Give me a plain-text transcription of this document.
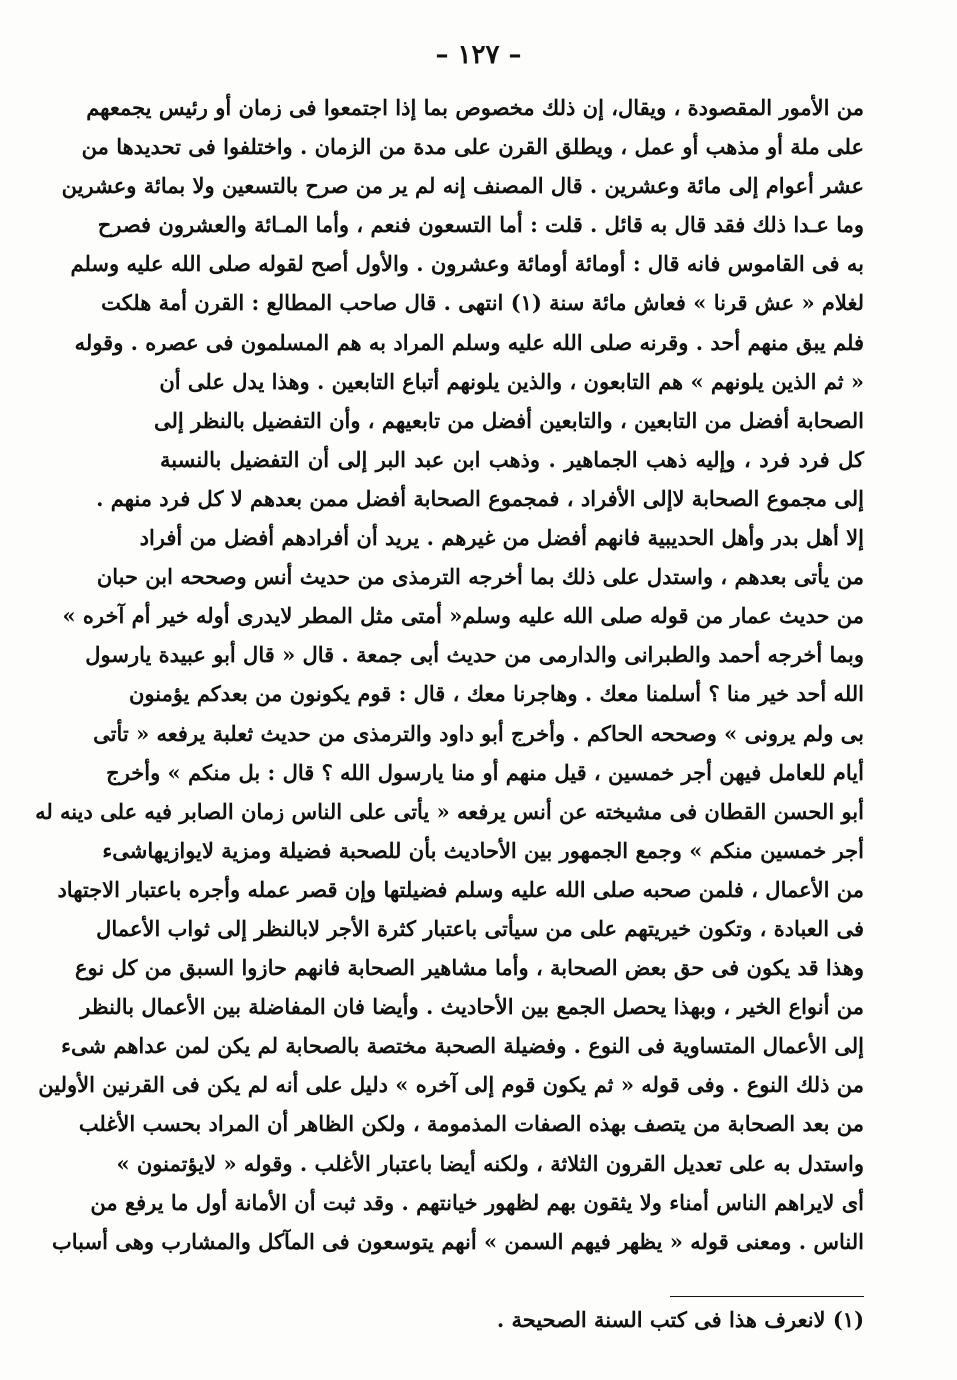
– ١٢٧ –
من الأمور المقصودة ، ويقال، إن ذلك مخصوص بما إذا اجتمعوا فى زمان أو رئيس يجمعهم
على ملة أو مذهب أو عمل ، ويطلق القرن على مدة من الزمان . واختلفوا فى تحديدها من
عشر أعوام إلى مائة وعشرين . قال المصنف إنه لم ير من صرح بالتسعين ولا بمائة وعشرين
وما عـدا ذلك فقد قال به قائل . قلت : أما التسعون فنعم ، وأما المـائة والعشرون فصرح
به فى القاموس فانه قال : أومائة أومائة وعشرون . والأول أصح لقوله صلى الله عليه وسلم
لغلام « عش قرنا » فعاش مائة سنة (١) انتهى . قال صاحب المطالع : القرن أمة هلكت
فلم يبق منهم أحد . وقرنه صلى الله عليه وسلم المراد به هم المسلمون فى عصره . وقوله
« ثم الذين يلونهم » هم التابعون ، والذين يلونهم أتباع التابعين . وهذا يدل على أن
الصحابة أفضل من التابعين ، والتابعين أفضل من تابعيهم ، وأن التفضيل بالنظر إلى
كل فرد فرد ، وإليه ذهب الجماهير . وذهب ابن عبد البر إلى أن التفضيل بالنسبة
إلى مجموع الصحابة لاإلى الأفراد ، فمجموع الصحابة أفضل ممن بعدهم لا كل فرد منهم .
إلا أهل بدر وأهل الحديبية فانهم أفضل من غيرهم . يريد أن أفرادهم أفضل من أفراد
من يأتى بعدهم ، واستدل على ذلك بما أخرجه الترمذى من حديث أنس وصححه ابن حبان
من حديث عمار من قوله صلى الله عليه وسلم« أمتى مثل المطر لايدرى أوله خير أم آخره »
وبما أخرجه أحمد والطبرانى والدارمى من حديث أبى جمعة . قال « قال أبو عبيدة يارسول
الله أحد خير منا ؟ أسلمنا معك . وهاجرنا معك ، قال : قوم يكونون من بعدكم يؤمنون
بى ولم يرونى » وصححه الحاكم . وأخرج أبو داود والترمذى من حديث ثعلبة يرفعه « تأتى
أيام للعامل فيهن أجر خمسين ، قيل منهم أو منا يارسول الله ؟ قال : بل منكم » وأخرج
أبو الحسن القطان فى مشيخته عن أنس يرفعه « يأتى على الناس زمان الصابر فيه على دينه له
أجر خمسين منكم » وجمع الجمهور بين الأحاديث بأن للصحبة فضيلة ومزية لايوازيهاشىء
من الأعمال ، فلمن صحبه صلى الله عليه وسلم فضيلتها وإن قصر عمله وأجره باعتبار الاجتهاد
فى العبادة ، وتكون خيريتهم على من سيأتى باعتبار كثرة الأجر لابالنظر إلى ثواب الأعمال
وهذا قد يكون فى حق بعض الصحابة ، وأما مشاهير الصحابة فانهم حازوا السبق من كل نوع
من أنواع الخير ، وبهذا يحصل الجمع بين الأحاديث . وأيضا فان المفاضلة بين الأعمال بالنظر
إلى الأعمال المتساوية فى النوع . وفضيلة الصحبة مختصة بالصحابة لم يكن لمن عداهم شىء
من ذلك النوع . وفى قوله « ثم يكون قوم إلى آخره » دليل على أنه لم يكن فى القرنين الأولين
من بعد الصحابة من يتصف بهذه الصفات المذمومة ، ولكن الظاهر أن المراد بحسب الأغلب
واستدل به على تعديل القرون الثلاثة ، ولكنه أيضا باعتبار الأغلب . وقوله « لايؤتمنون »
أى لايراهم الناس أمناء ولا يثقون بهم لظهور خيانتهم . وقد ثبت أن الأمانة أول ما يرفع من
الناس . ومعنى قوله « يظهر فيهم السمن » أنهم يتوسعون فى المآكل والمشارب وهى أسباب
(١) لانعرف هذا فى كتب السنة الصحيحة .
